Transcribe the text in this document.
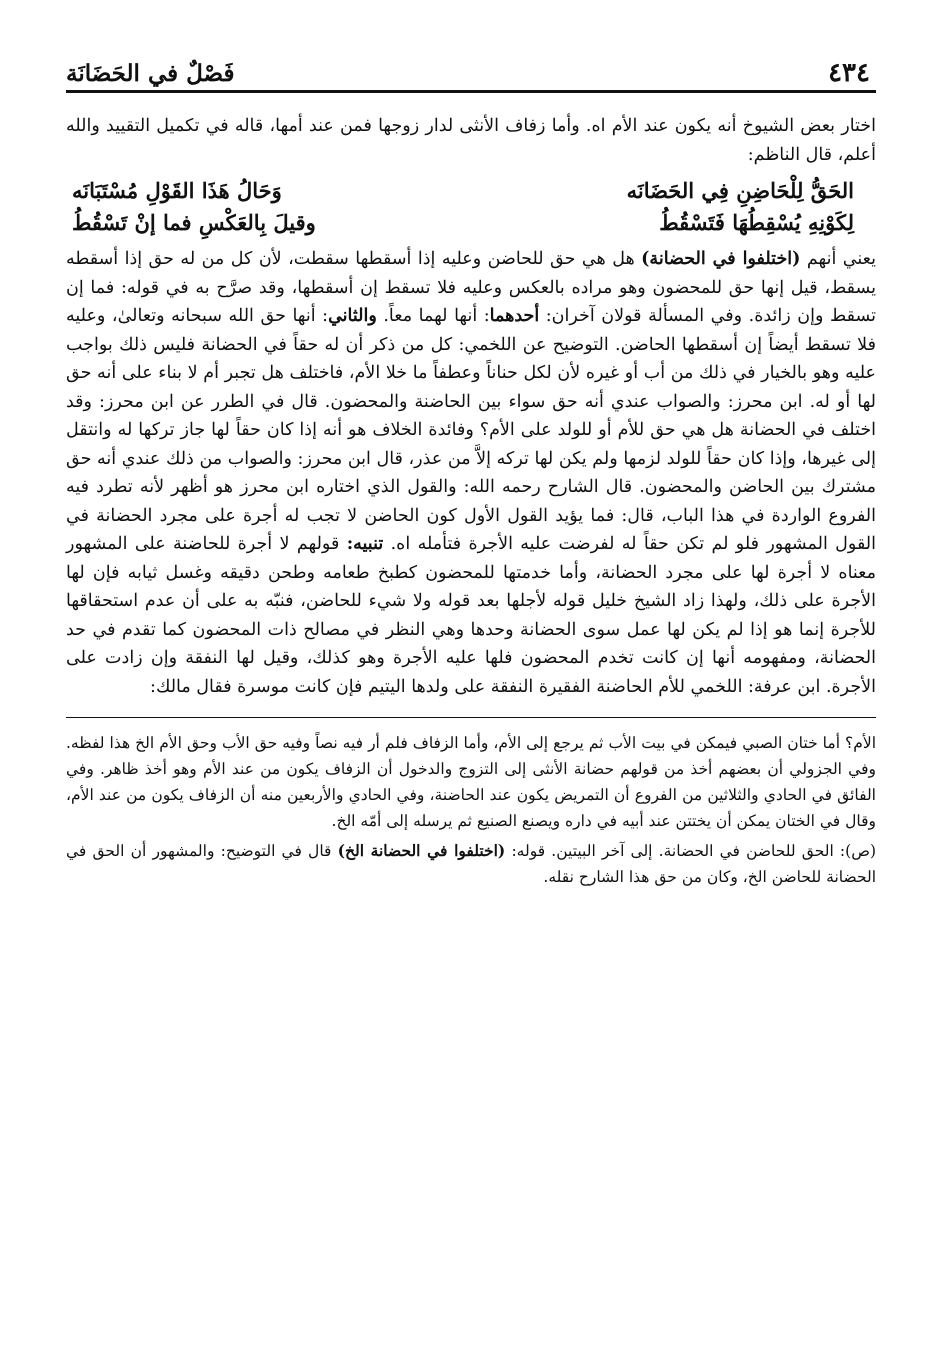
٤٣٤
فَصْلٌ في الحَضَانَة

اختار بعض الشيوخ أنه يكون عند الأم اه. وأما زفاف الأنثى لدار زوجها فمن عند أمها، قاله في تكميل التقييد والله أعلم، قال الناظم:

الحَقُّ لِلْحَاضِنِ فِي الحَضَانَه
وَحَالُ هَذَا القَوْلِ مُسْتَبَانَه
لِكَوْنِهِ يُسْقِطُهَا فَتَسْقُطُ
وقيلَ بِالعَكْسِ فما إنْ تَسْقُطُ

يعني أنهم (اختلفوا في الحضانة) هل هي حق للحاضن وعليه إذا أسقطها سقطت، لأن كل من له حق إذا أسقطه يسقط، قيل إنها حق للمحضون وهو مراده بالعكس وعليه فلا تسقط إن أسقطها، وقد صرَّح به في قوله: فما إن تسقط وإن زائدة. وفي المسألة قولان آخران: أحدهما: أنها لهما معاً. والثاني: أنها حق الله سبحانه وتعالىٰ، وعليه فلا تسقط أيضاً إن أسقطها الحاضن. التوضيح عن اللخمي: كل من ذكر أن له حقاً في الحضانة فليس ذلك بواجب عليه وهو بالخيار في ذلك من أب أو غيره لأن لكل حناناً وعطفاً ما خلا الأم، فاختلف هل تجبر أم لا بناء على أنه حق لها أو له. ابن محرز: والصواب عندي أنه حق سواء بين الحاضنة والمحضون. قال في الطرر عن ابن محرز: وقد اختلف في الحضانة هل هي حق للأم أو للولد على الأم؟ وفائدة الخلاف هو أنه إذا كان حقاً لها جاز تركها له وانتقل إلى غيرها، وإذا كان حقاً للولد لزمها ولم يكن لها تركه إلاَّ من عذر، قال ابن محرز: والصواب من ذلك عندي أنه حق مشترك بين الحاضن والمحضون. قال الشارح رحمه الله: والقول الذي اختاره ابن محرز هو أظهر لأنه تطرد فيه الفروع الواردة في هذا الباب، قال: فما يؤيد القول الأول كون الحاضن لا تجب له أجرة على مجرد الحضانة في القول المشهور فلو لم تكن حقاً له لفرضت عليه الأجرة فتأمله اه. تنبيه: قولهم لا أجرة للحاضنة على المشهور معناه لا أجرة لها على مجرد الحضانة، وأما خدمتها للمحضون كطبخ طعامه وطحن دقيقه وغسل ثيابه فإن لها الأجرة على ذلك، ولهذا زاد الشيخ خليل قوله لأجلها بعد قوله ولا شيء للحاضن، فنبّه به على أن عدم استحقاقها للأجرة إنما هو إذا لم يكن لها عمل سوى الحضانة وحدها وهي النظر في مصالح ذات المحضون كما تقدم في حد الحضانة، ومفهومه أنها إن كانت تخدم المحضون فلها عليه الأجرة وهو كذلك، وقيل لها النفقة وإن زادت على الأجرة. ابن عرفة: اللخمي للأم الحاضنة الفقيرة النفقة على ولدها اليتيم فإن كانت موسرة فقال مالك:

الأم؟ أما ختان الصبي فيمكن في بيت الأب ثم يرجع إلى الأم، وأما الزفاف فلم أر فيه نصاً وفيه حق الأب وحق الأم الخ هذا لفظه. وفي الجزولي أن بعضهم أخذ من قولهم حضانة الأنثى إلى التزوج والدخول أن الزفاف يكون من عند الأم وهو أخذ ظاهر. وفي الفائق في الحادي والثلاثين من الفروع أن التمريض يكون عند الحاضنة، وفي الحادي والأربعين منه أن الزفاف يكون من عند الأم، وقال في الختان يمكن أن يختتن عند أبيه في داره ويصنع الصنيع ثم يرسله إلى أمّه الخ.

(ص): الحق للحاضن في الحضانة. إلى آخر البيتين. قوله: (اختلفوا في الحضانة الخ) قال في التوضيح: والمشهور أن الحق في الحضانة للحاضن الخ، وكان من حق هذا الشارح نقله.
